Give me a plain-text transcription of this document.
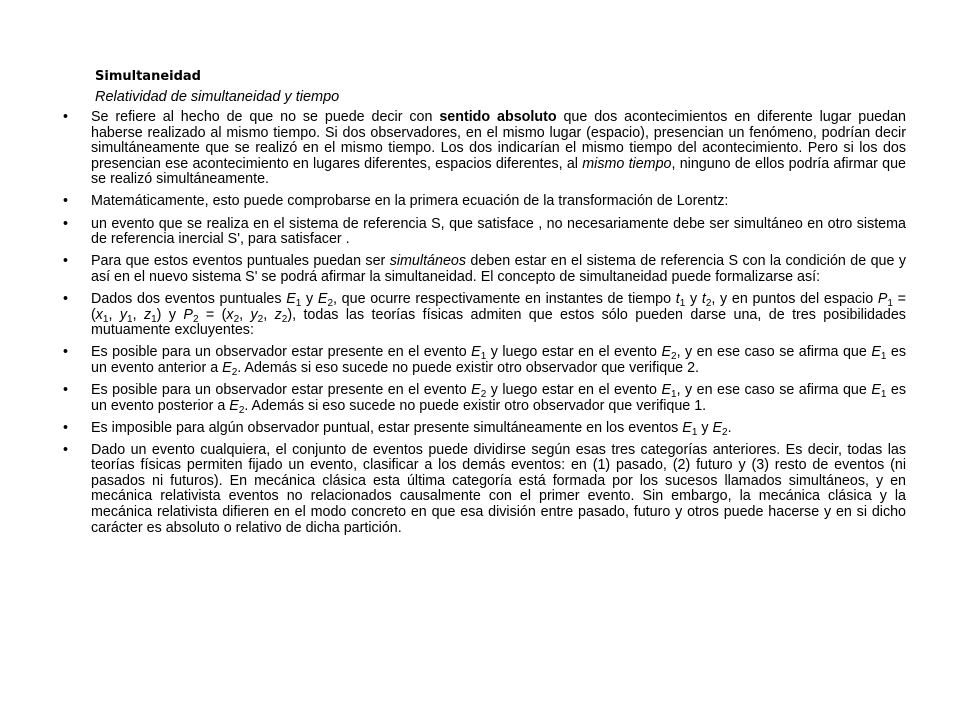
Simultaneidad
Relatividad de simultaneidad y tiempo
•	Se refiere al hecho de que no se puede decir con sentido absoluto que dos acontecimientos en diferente lugar puedan haberse realizado al mismo tiempo. Si dos observadores, en el mismo lugar (espacio), presencian un fenómeno, podrían decir simultáneamente que se realizó en el mismo tiempo. Los dos indicarían el mismo tiempo del acontecimiento. Pero si los dos presencian ese acontecimiento en lugares diferentes, espacios diferentes, al mismo tiempo, ninguno de ellos podría afirmar que se realizó simultáneamente.
•	Matemáticamente, esto puede comprobarse en la primera ecuación de la transformación de Lorentz:
•	un evento que se realiza en el sistema de referencia S, que satisface , no necesariamente debe ser simultáneo en otro sistema de referencia inercial S', para satisfacer .
•	Para que estos eventos puntuales puedan ser simultáneos deben estar en el sistema de referencia S con la condición de que y así en el nuevo sistema S' se podrá afirmar la simultaneidad. El concepto de simultaneidad puede formalizarse así:
•	Dados dos eventos puntuales $E_1$ y $E_2$, que ocurre respectivamente en instantes de tiempo $t_1$ y $t_2$, y en puntos del espacio $P_1 = (x_1$, $y_1$, $z_1$) y $P_2 = (x_2$, $y_2$, $z_2$), todas las teorías físicas admiten que estos sólo pueden darse una, de tres posibilidades mutuamente excluyentes:
•	Es posible para un observador estar presente en el evento $E_1$ y luego estar en el evento $E_2$, y en ese caso se afirma que $E_1$ es un evento anterior a $E_2$. Además si eso sucede no puede existir otro observador que verifique 2.
•	Es posible para un observador estar presente en el evento $E_2$ y luego estar en el evento $E_1$, y en ese caso se afirma que $E_1$ es un evento posterior a $E_2$. Además si eso sucede no puede existir otro observador que verifique 1.
•	Es imposible para algún observador puntual, estar presente simultáneamente en los eventos $E_1$ y $E_2$.
•	Dado un evento cualquiera, el conjunto de eventos puede dividirse según esas tres categorías anteriores. Es decir, todas las teorías físicas permiten fijado un evento, clasificar a los demás eventos: en (1) pasado, (2) futuro y (3) resto de eventos (ni pasados ni futuros). En mecánica clásica esta última categoría está formada por los sucesos llamados simultáneos, y en mecánica relativista eventos no relacionados causalmente con el primer evento. Sin embargo, la mecánica clásica y la mecánica relativista difieren en el modo concreto en que esa división entre pasado, futuro y otros puede hacerse y en si dicho carácter es absoluto o relativo de dicha partición.
